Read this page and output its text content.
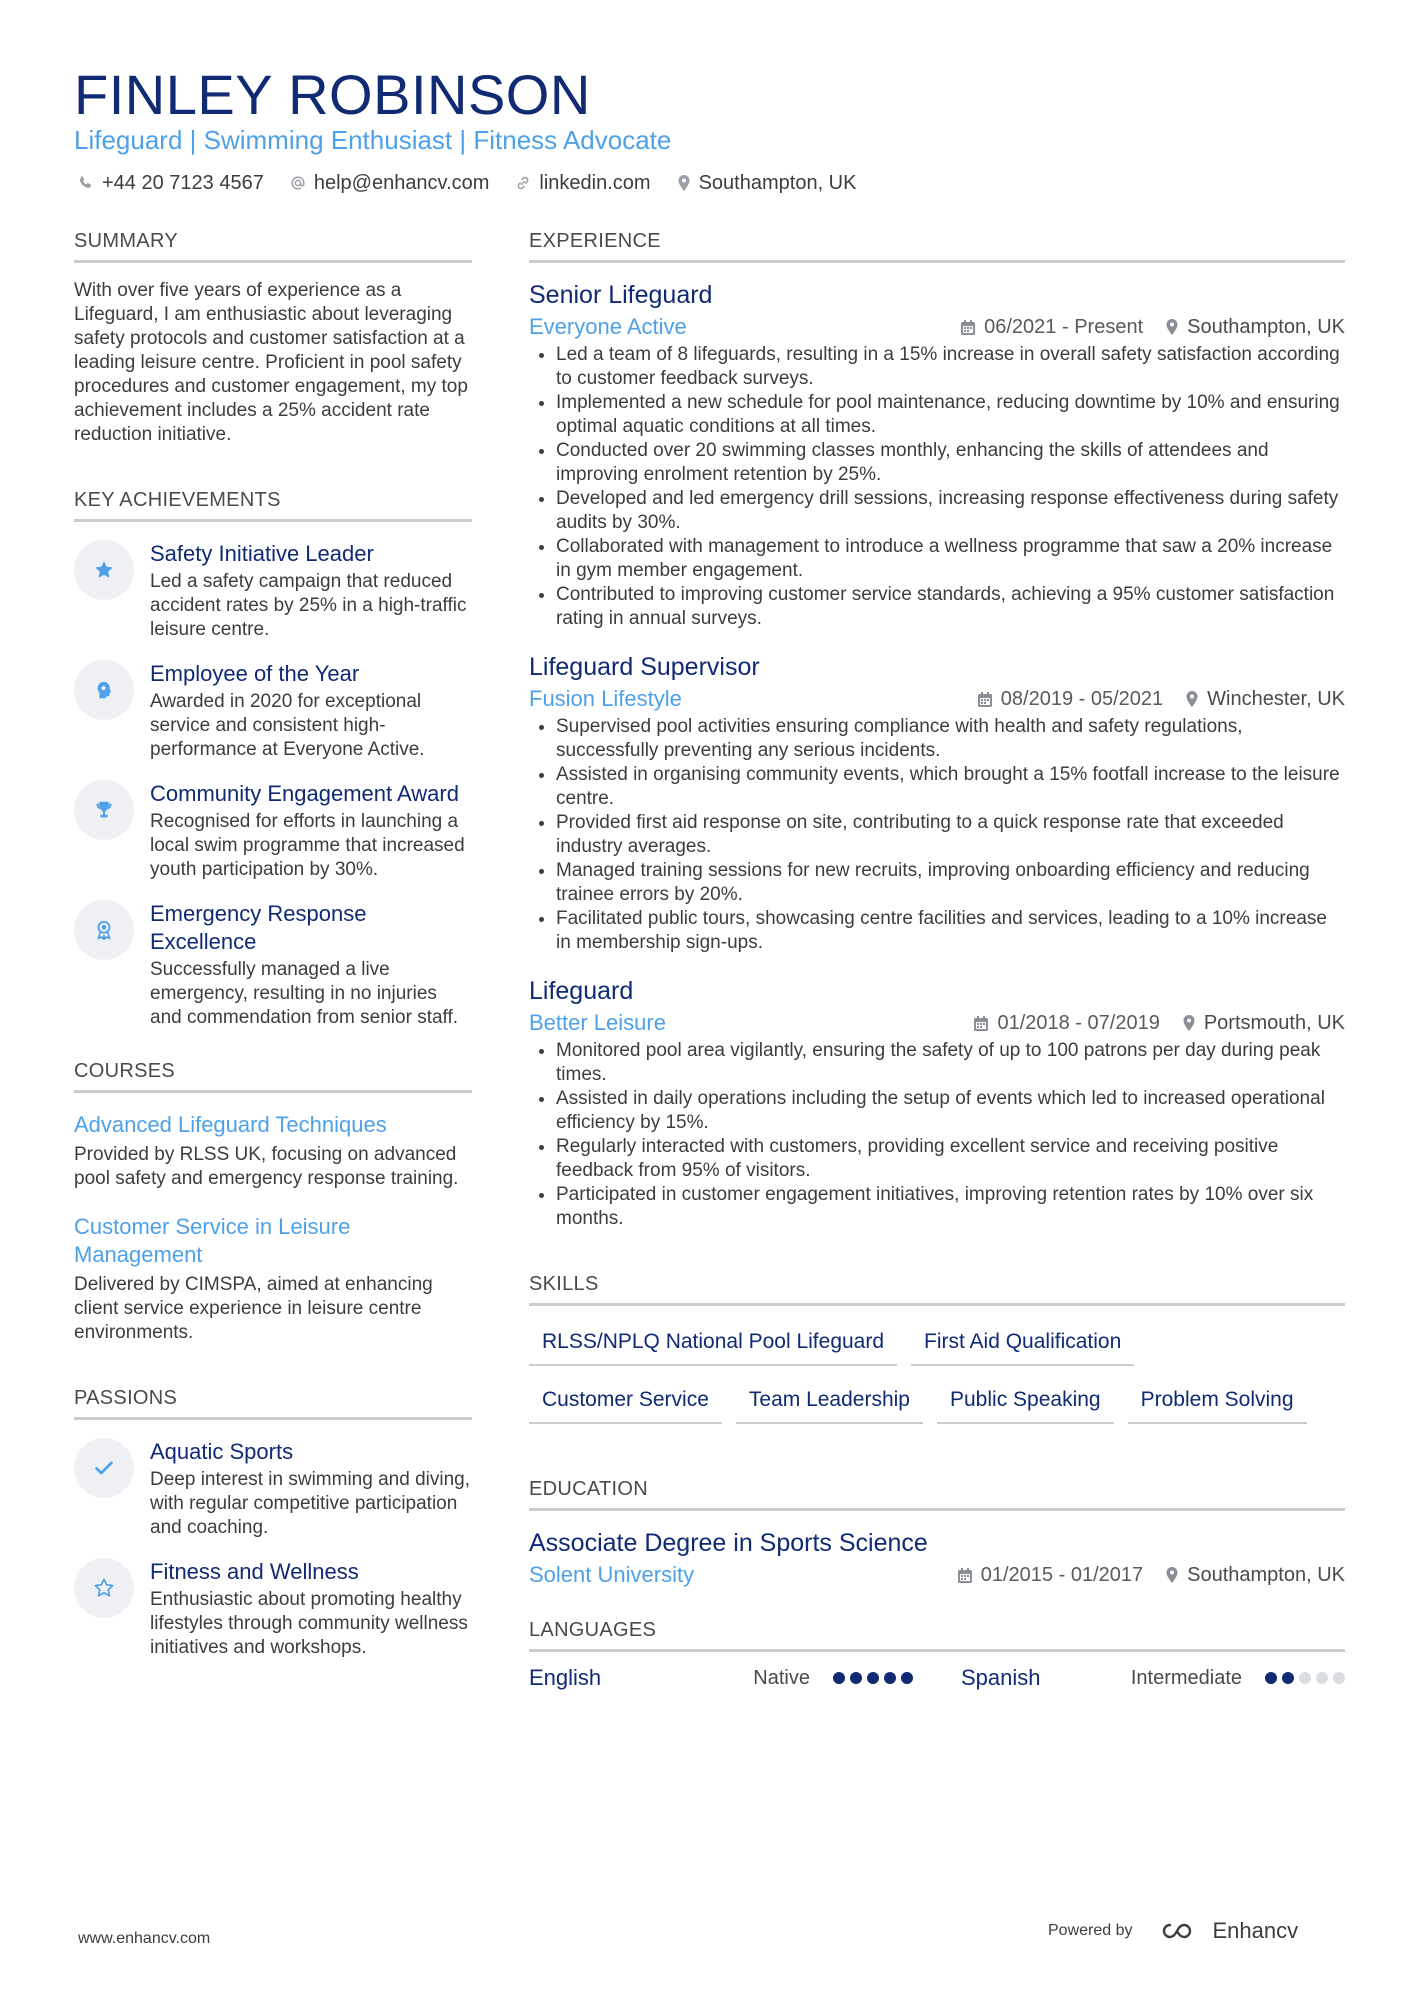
FINLEY ROBINSON
Lifeguard | Swimming Enthusiast | Fitness Advocate
+44 20 7123 4567	help@enhancv.com	linkedin.com Southampton, UK
SUMMARY

With over five years of experience as a Lifeguard, I am enthusiastic about leveraging safety protocols and customer satisfaction at a leading leisure centre. Proficient in pool safety procedures and customer engagement, my top achievement includes a 25% accident rate reduction initiative.

KEY ACHIEVEMENTS
Safety Initiative Leader
Led a safety campaign that reduced accident rates by 25% in a high-traffic leisure centre.
Employee of the Year
Awarded in 2020 for exceptional service and consistent high-performance at Everyone Active.
Community Engagement Award
Recognised for efforts in launching a local swim programme that increased youth participation by 30%.
Emergency Response Excellence
Successfully managed a live emergency, resulting in no injuries and commendation from senior staff.
COURSES
Advanced Lifeguard Techniques
Provided by RLSS UK, focusing on advanced pool safety and emergency response training.
Customer Service in Leisure Management
Delivered by CIMSPA, aimed at enhancing client service experience in leisure centre environments.
PASSIONS
Aquatic Sports
Deep interest in swimming and diving, with regular competitive participation and coaching.
Fitness and Wellness
Enthusiastic about promoting healthy lifestyles through community wellness initiatives and workshops.
EXPERIENCE
Senior Lifeguard
Everyone Active	06/2021 - Present Southampton, UK
Led a team of 8 lifeguards, resulting in a 15% increase in overall safety satisfaction according to customer feedback surveys.
Implemented a new schedule for pool maintenance, reducing downtime by 10% and ensuring optimal aquatic conditions at all times.
Conducted over 20 swimming classes monthly, enhancing the skills of attendees and improving enrolment retention by 25%.
Developed and led emergency drill sessions, increasing response effectiveness during safety audits by 30%.
Collaborated with management to introduce a wellness programme that saw a 20% increase in gym member engagement.
Contributed to improving customer service standards, achieving a 95% customer satisfaction rating in annual surveys.
Lifeguard Supervisor
Fusion Lifestyle	08/2019 - 05/2021 Winchester, UK
Supervised pool activities ensuring compliance with health and safety regulations, successfully preventing any serious incidents.
Assisted in organising community events, which brought a 15% footfall increase to the leisure centre.
Provided first aid response on site, contributing to a quick response rate that exceeded industry averages.
Managed training sessions for new recruits, improving onboarding efficiency and reducing trainee errors by 20%.
Facilitated public tours, showcasing centre facilities and services, leading to a 10% increase in membership sign-ups.
Lifeguard
Better Leisure	01/2018 - 07/2019 Portsmouth, UK
Monitored pool area vigilantly, ensuring the safety of up to 100 patrons per day during peak times.
Assisted in daily operations including the setup of events which led to increased operational efficiency by 15%.
Regularly interacted with customers, providing excellent service and receiving positive feedback from 95% of visitors.
Participated in customer engagement initiatives, improving retention rates by 10% over six months.
SKILLS
RLSS/NPLQ National Pool Lifeguard	First Aid Qualification
Customer Service	Team Leadership	Public Speaking	Problem Solving
EDUCATION
Associate Degree in Sports Science
Solent University	01/2015 - 01/2017 Southampton, UK
LANGUAGES
English	Native	Spanish	Intermediate
www.enhancv.com	Powered by	Enhancv
